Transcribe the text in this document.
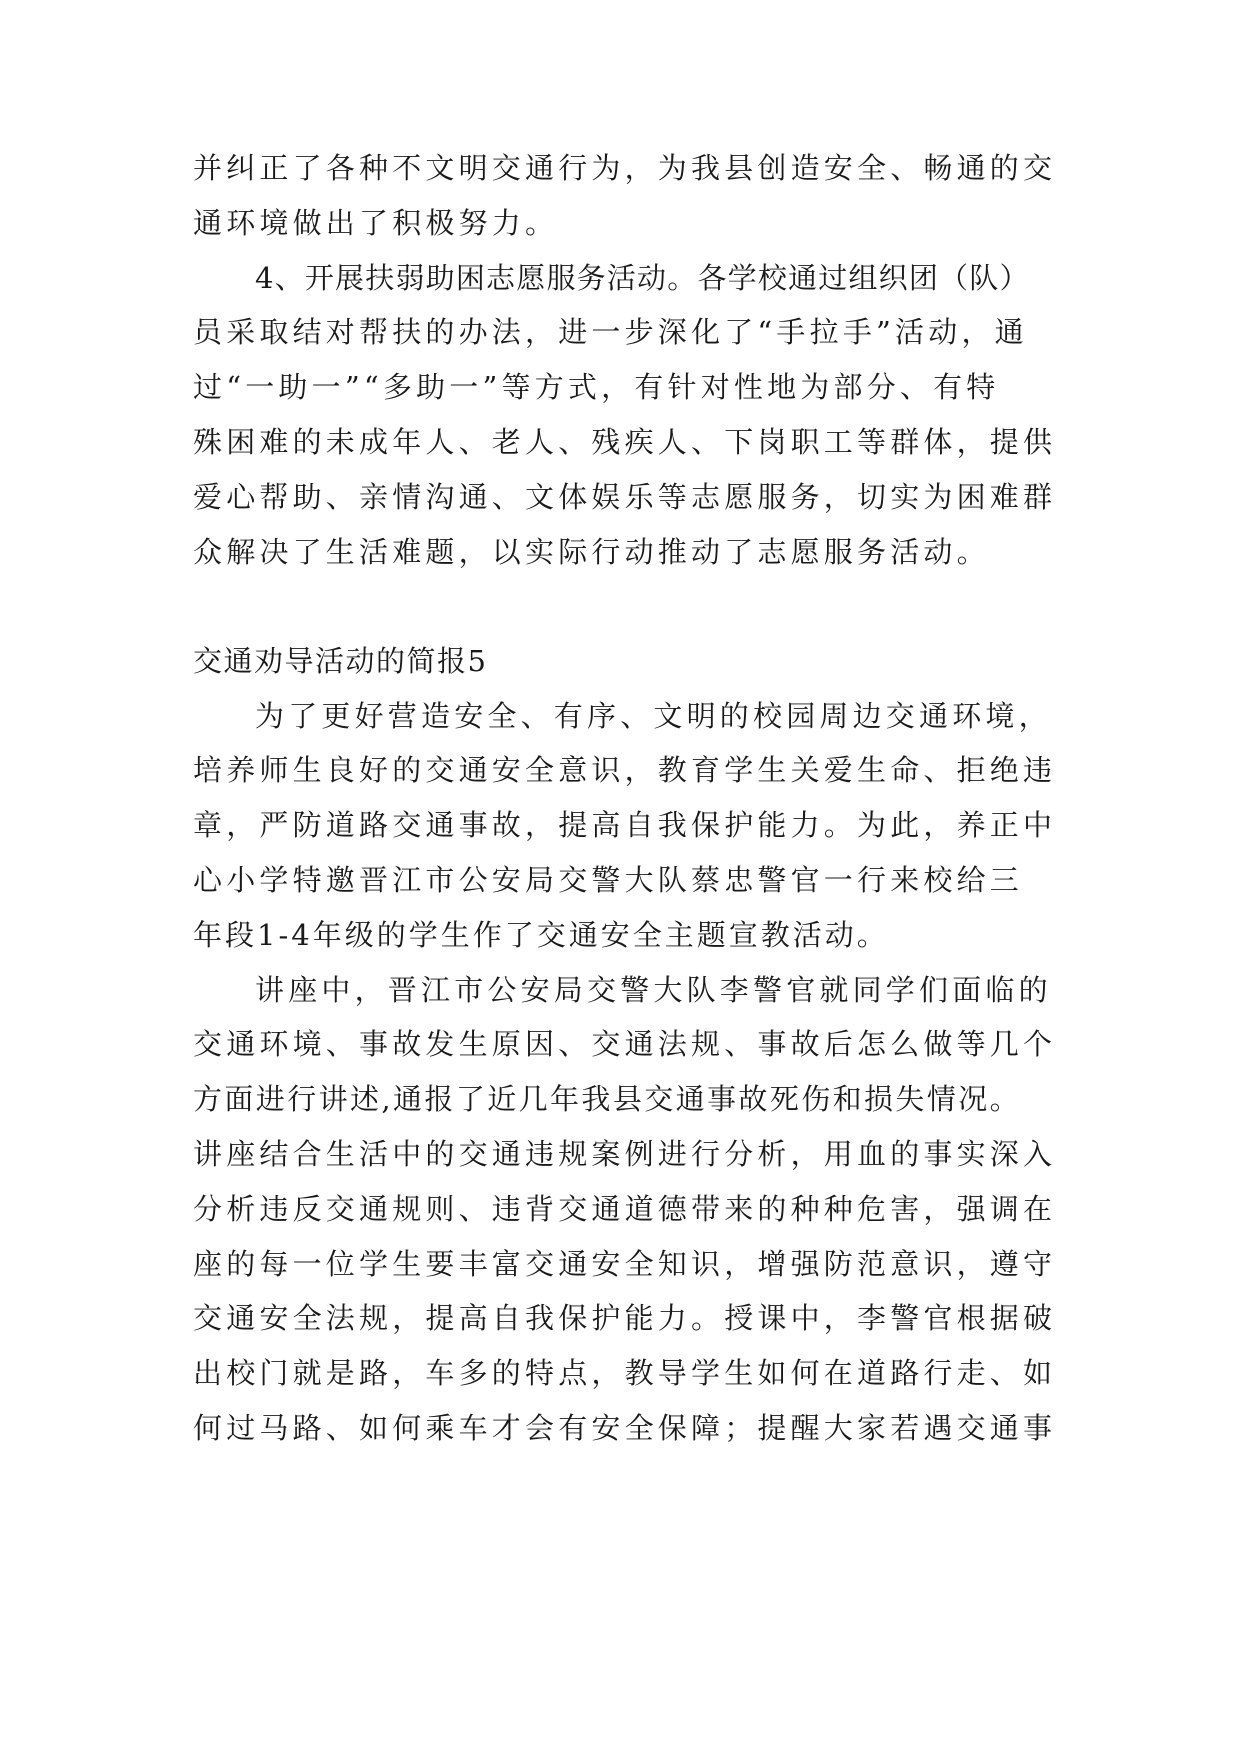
并纠正了各种不文明交通行为，为我县创造安全、畅通的交
通环境做出了积极努力。
4、开展扶弱助困志愿服务活动。各学校通过组织团（队）
员采取结对帮扶的办法，进一步深化了“手拉手”活动，通
过“一助一”“多助一”等方式，有针对性地为部分、有特
殊困难的未成年人、老人、残疾人、下岗职工等群体，提供
爱心帮助、亲情沟通、文体娱乐等志愿服务，切实为困难群
众解决了生活难题，以实际行动推动了志愿服务活动。
交通劝导活动的简报5
为了更好营造安全、有序、文明的校园周边交通环境，
培养师生良好的交通安全意识，教育学生关爱生命、拒绝违
章，严防道路交通事故，提高自我保护能力。为此，养正中
心小学特邀晋江市公安局交警大队蔡忠警官一行来校给三
年段1-4年级的学生作了交通安全主题宣教活动。
讲座中，晋江市公安局交警大队李警官就同学们面临的
交通环境、事故发生原因、交通法规、事故后怎么做等几个
方面进行讲述,通报了近几年我县交通事故死伤和损失情况。
讲座结合生活中的交通违规案例进行分析，用血的事实深入
分析违反交通规则、违背交通道德带来的种种危害，强调在
座的每一位学生要丰富交通安全知识，增强防范意识，遵守
交通安全法规，提高自我保护能力。授课中，李警官根据破
出校门就是路，车多的特点，教导学生如何在道路行走、如
何过马路、如何乘车才会有安全保障；提醒大家若遇交通事
